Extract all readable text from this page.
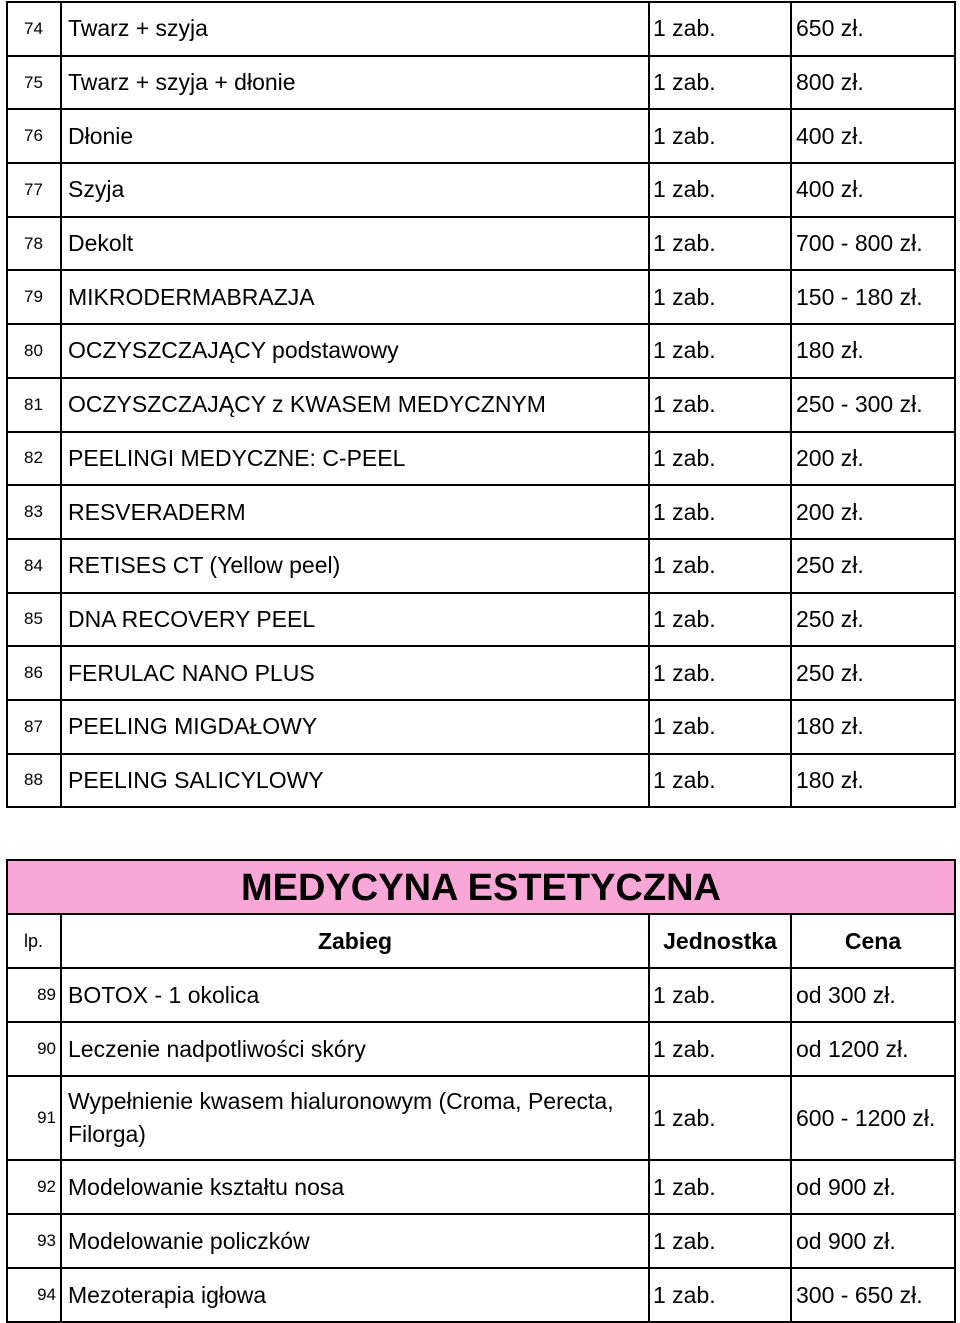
74	Twarz + szyja	1 zab.	650 zł.
75	Twarz + szyja + dłonie	1 zab.	800 zł.
76	Dłonie	1 zab.	400 zł.
77	Szyja	1 zab.	400 zł.
78	Dekolt	1 zab.	700 - 800 zł.
79	MIKRODERMABRAZJA	1 zab.	150 - 180 zł.
80	OCZYSZCZAJĄCY podstawowy	1 zab.	180 zł.
81	OCZYSZCZAJĄCY z KWASEM MEDYCZNYM	1 zab.	250 - 300 zł.
82	PEELINGI MEDYCZNE: C-PEEL	1 zab.	200 zł.
83	RESVERADERM	1 zab.	200 zł.
84	RETISES CT (Yellow peel)	1 zab.	250 zł.
85	DNA RECOVERY PEEL	1 zab.	250 zł.
86	FERULAC NANO PLUS	1 zab.	250 zł.
87	PEELING MIGDAŁOWY	1 zab.	180 zł.
88	PEELING SALICYLOWY	1 zab.	180 zł.
MEDYCYNA ESTETYCZNA			
lp.	Zabieg	Jednostka	Cena
89	BOTOX - 1 okolica	1 zab.	od 300 zł.
90	Leczenie nadpotliwości skóry	1 zab.	od 1200 zł.
91	Wypełnienie kwasem hialuronowym (Croma, Perecta, Filorga)	1 zab.	600 - 1200 zł.
92	Modelowanie kształtu nosa	1 zab.	od 900 zł.
93	Modelowanie policzków	1 zab.	od 900 zł.
94	Mezoterapia igłowa	1 zab.	300 - 650 zł.
